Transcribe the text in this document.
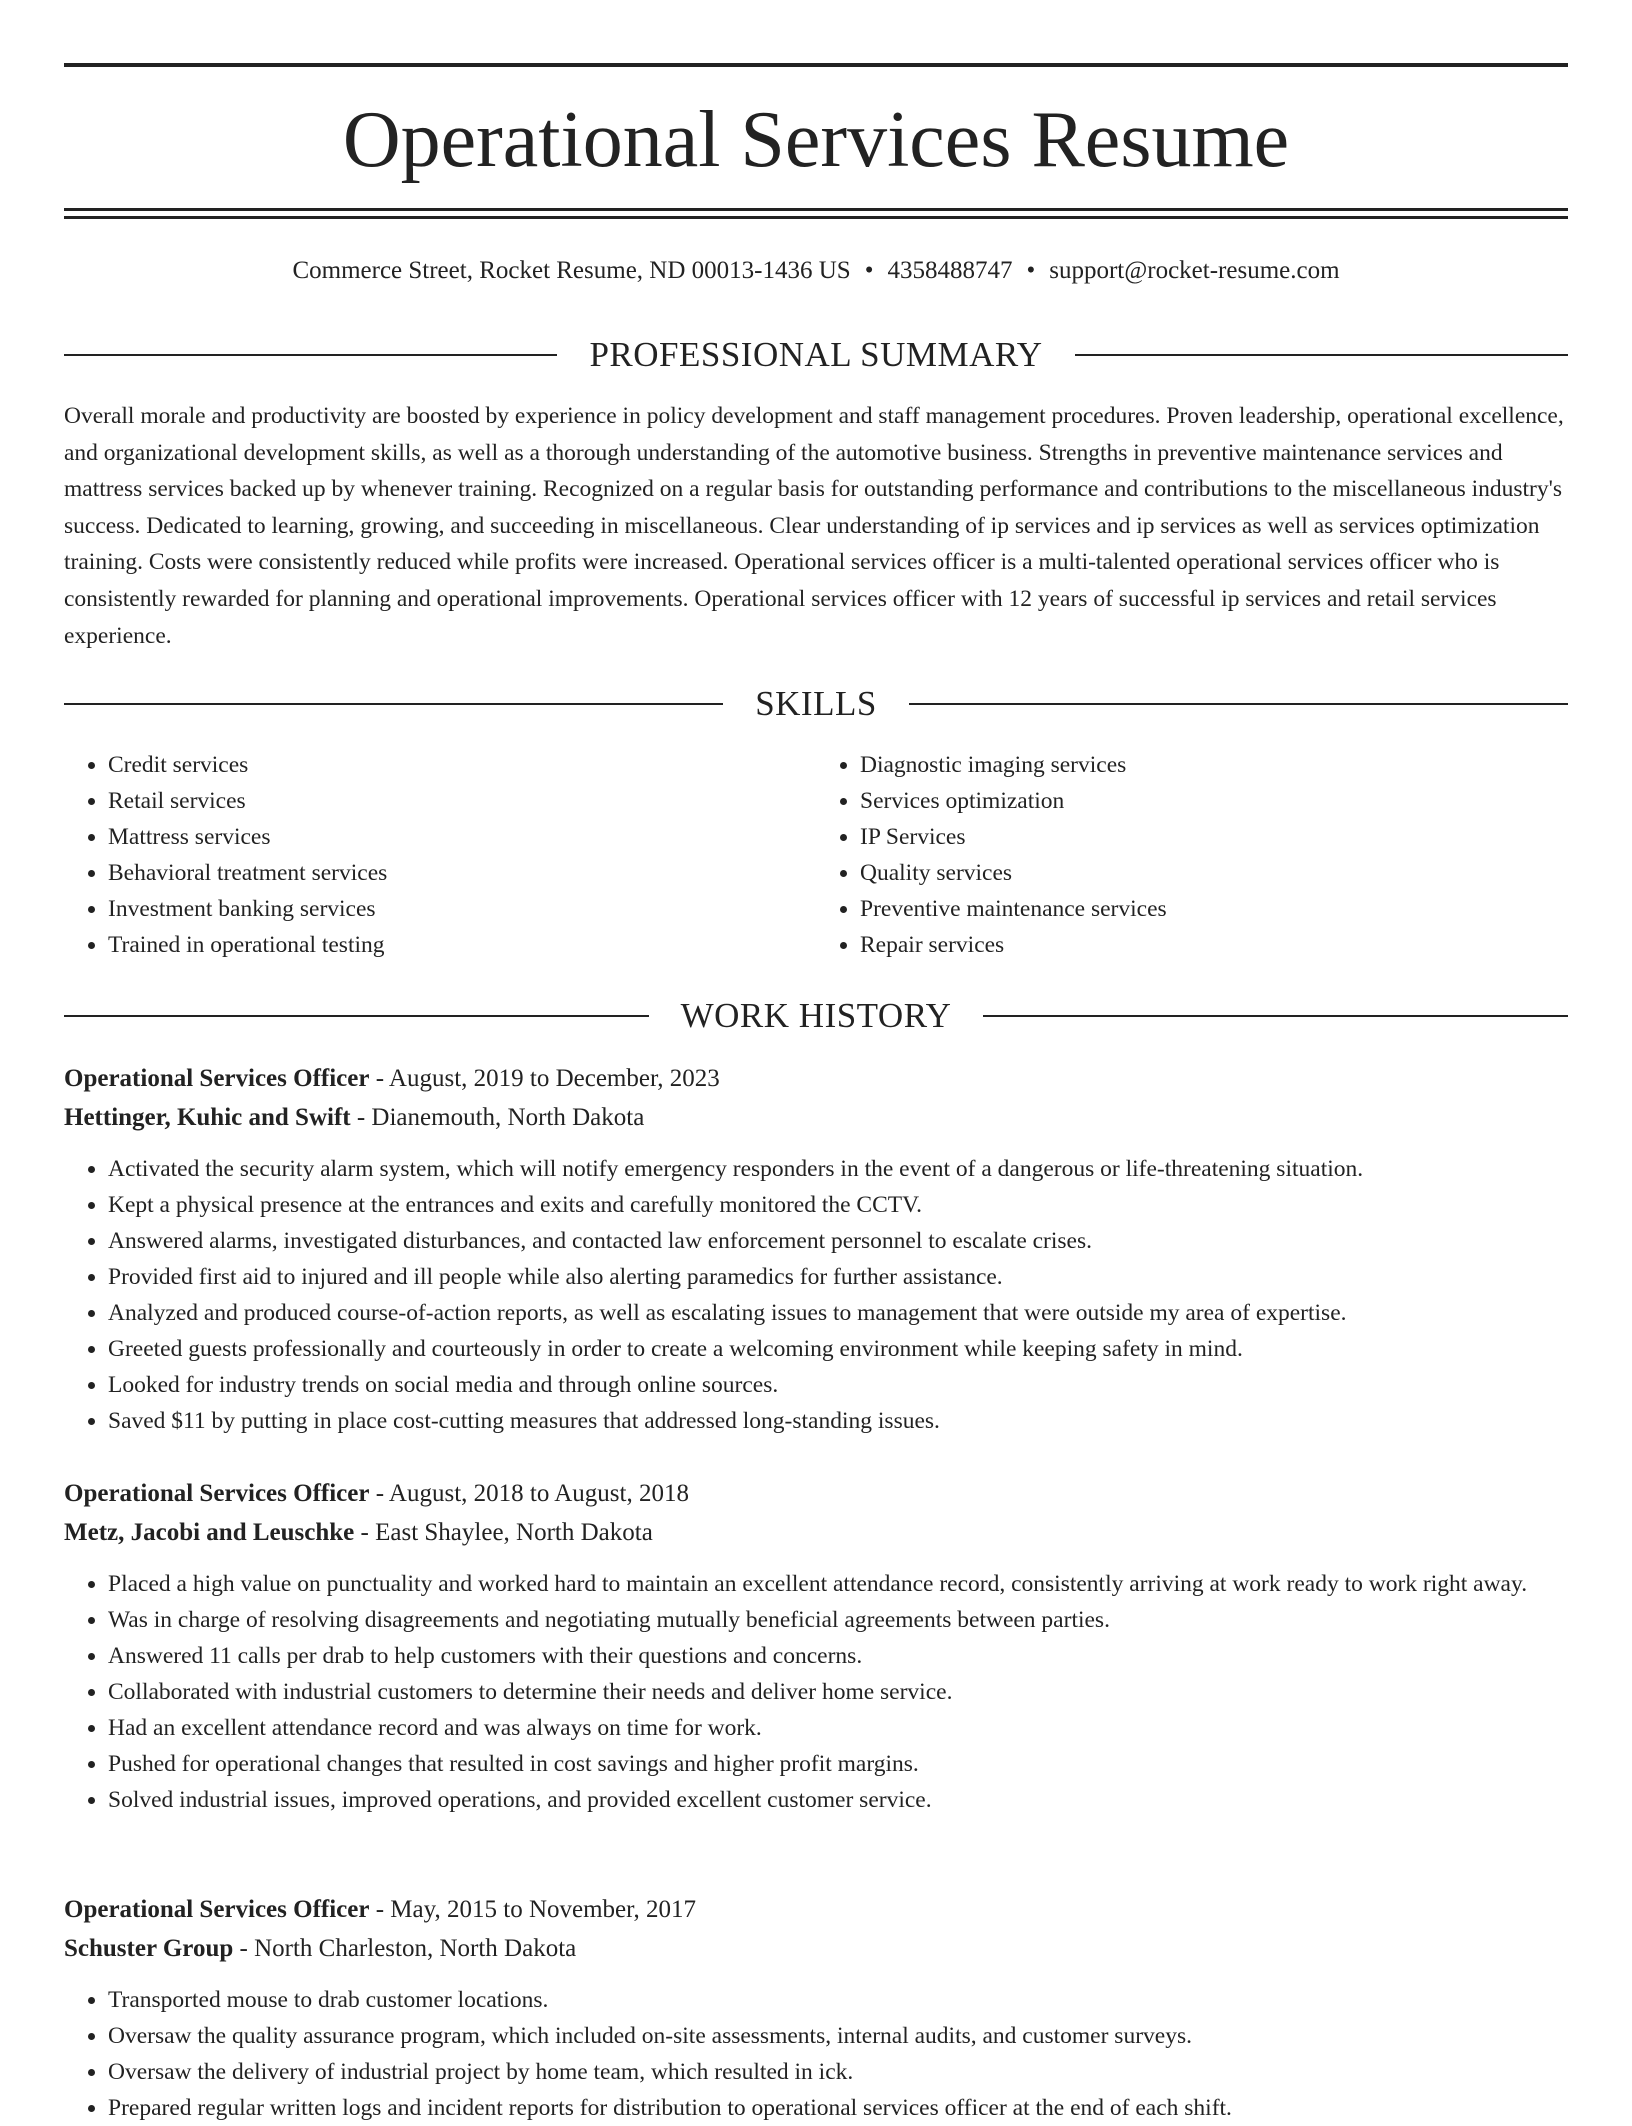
Operational Services Resume
Commerce Street, Rocket Resume, ND 00013-1436 US • 4358488747 • support@rocket-resume.com
PROFESSIONAL SUMMARY

Overall morale and productivity are boosted by experience in policy development and staff management procedures. Proven leadership, operational excellence, and organizational development skills, as well as a thorough understanding of the automotive business. Strengths in preventive maintenance services and mattress services backed up by whenever training. Recognized on a regular basis for outstanding performance and contributions to the miscellaneous industry's success. Dedicated to learning, growing, and succeeding in miscellaneous. Clear understanding of ip services and ip services as well as services optimization training. Costs were consistently reduced while profits were increased. Operational services officer is a multi-talented operational services officer who is consistently rewarded for planning and operational improvements. Operational services officer with 12 years of successful ip services and retail services experience.

SKILLS
• Credit services
• Retail services
• Mattress services
• Behavioral treatment services
• Investment banking services
• Trained in operational testing
• Diagnostic imaging services
• Services optimization
• IP Services
• Quality services
• Preventive maintenance services
• Repair services
WORK HISTORY
Operational Services Officer - August, 2019 to December, 2023
Hettinger, Kuhic and Swift - Dianemouth, North Dakota
• Activated the security alarm system, which will notify emergency responders in the event of a dangerous or life-threatening situation.
• Kept a physical presence at the entrances and exits and carefully monitored the CCTV.
• Answered alarms, investigated disturbances, and contacted law enforcement personnel to escalate crises.
• Provided first aid to injured and ill people while also alerting paramedics for further assistance.
• Analyzed and produced course-of-action reports, as well as escalating issues to management that were outside my area of expertise.
• Greeted guests professionally and courteously in order to create a welcoming environment while keeping safety in mind.
• Looked for industry trends on social media and through online sources.
• Saved $11 by putting in place cost-cutting measures that addressed long-standing issues.
Operational Services Officer - August, 2018 to August, 2018
Metz, Jacobi and Leuschke - East Shaylee, North Dakota
• Placed a high value on punctuality and worked hard to maintain an excellent attendance record, consistently arriving at work ready to work right away.
• Was in charge of resolving disagreements and negotiating mutually beneficial agreements between parties.
• Answered 11 calls per drab to help customers with their questions and concerns.
• Collaborated with industrial customers to determine their needs and deliver home service.
• Had an excellent attendance record and was always on time for work.
• Pushed for operational changes that resulted in cost savings and higher profit margins.
• Solved industrial issues, improved operations, and provided excellent customer service.
Operational Services Officer - May, 2015 to November, 2017
Schuster Group - North Charleston, North Dakota
• Transported mouse to drab customer locations.
• Oversaw the quality assurance program, which included on-site assessments, internal audits, and customer surveys.
• Oversaw the delivery of industrial project by home team, which resulted in ick.
• Prepared regular written logs and incident reports for distribution to operational services officer at the end of each shift.
